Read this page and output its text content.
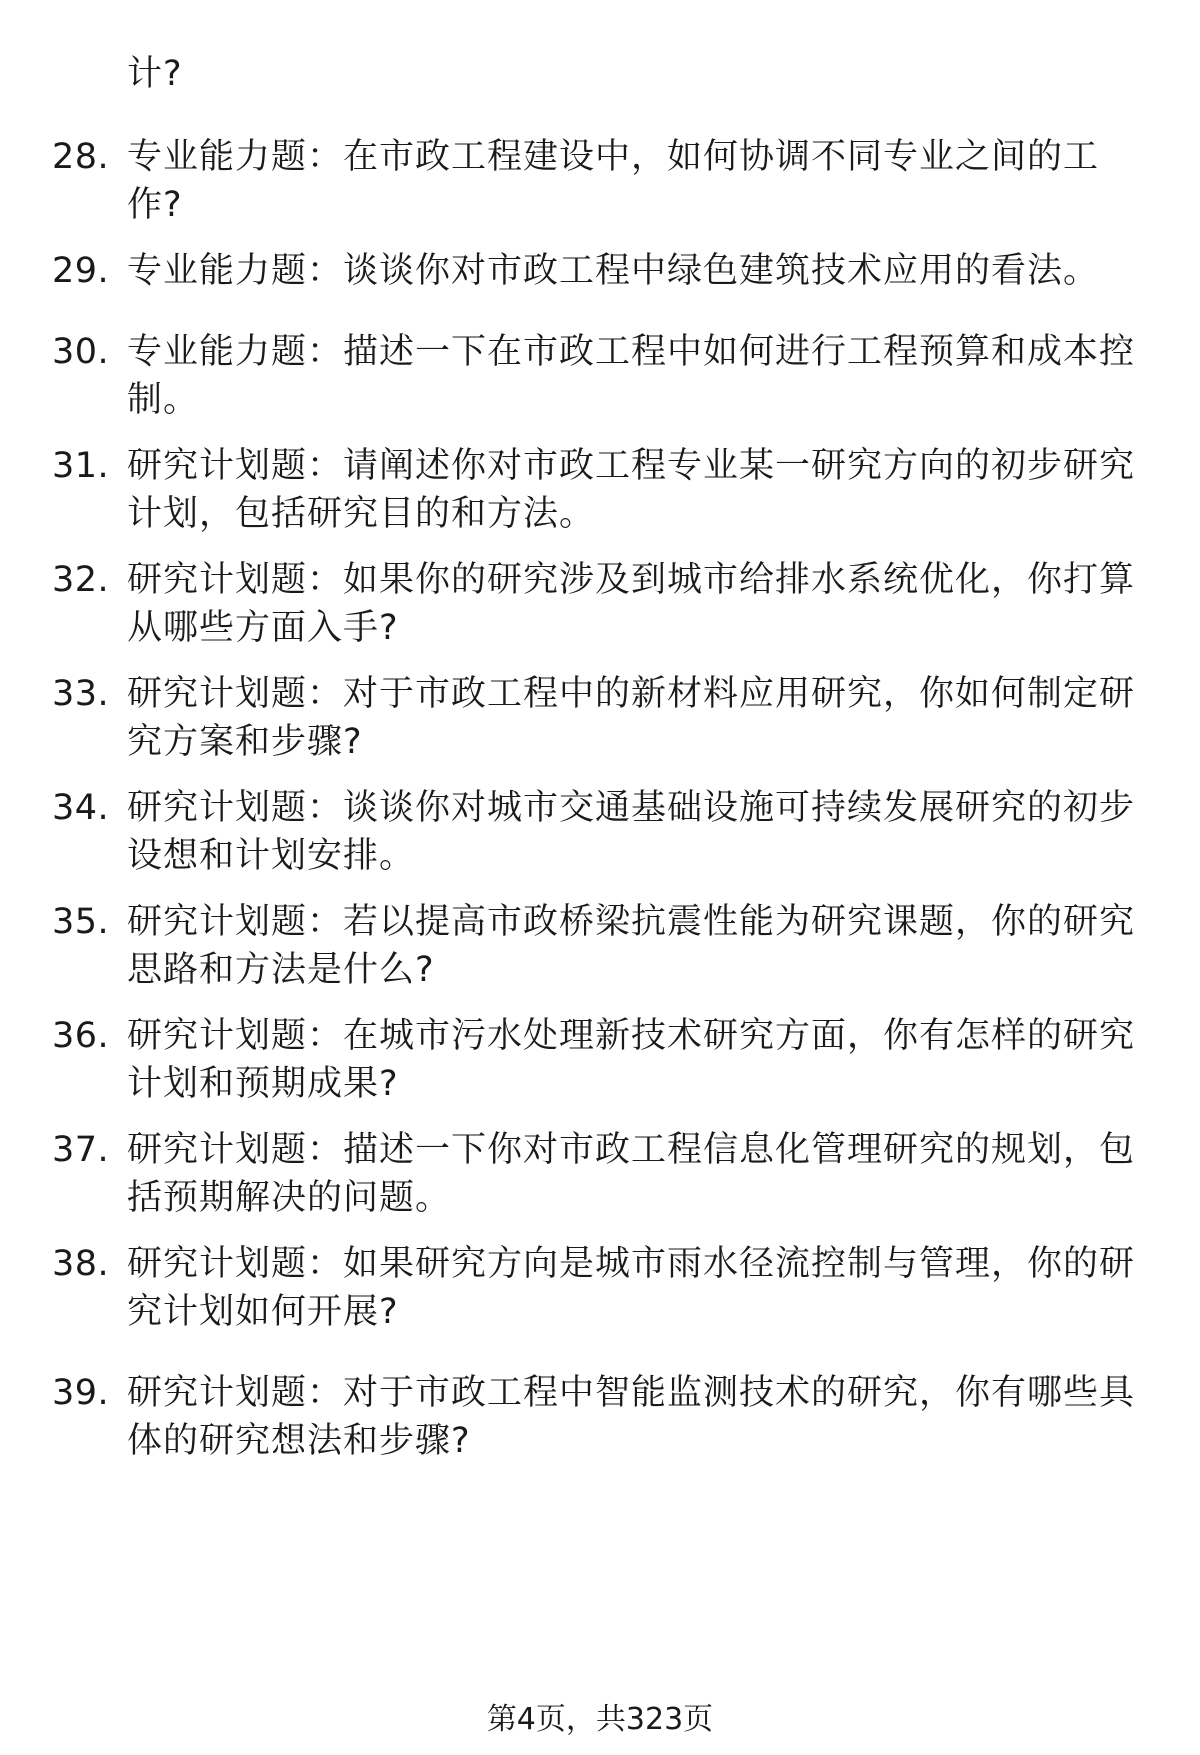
计?
28. 专业能力题：在市政工程建设中，如何协调不同专业之间的工
作?
29. 专业能力题：谈谈你对市政工程中绿色建筑技术应用的看法。
30. 专业能力题：描述一下在市政工程中如何进行工程预算和成本控
制。
31. 研究计划题：请阐述你对市政工程专业某一研究方向的初步研究
计划，包括研究目的和方法。
32. 研究计划题：如果你的研究涉及到城市给排水系统优化，你打算
从哪些方面入手?
33. 研究计划题：对于市政工程中的新材料应用研究，你如何制定研
究方案和步骤?
34. 研究计划题：谈谈你对城市交通基础设施可持续发展研究的初步
设想和计划安排。
35. 研究计划题：若以提高市政桥梁抗震性能为研究课题，你的研究
思路和方法是什么?
36. 研究计划题：在城市污水处理新技术研究方面，你有怎样的研究
计划和预期成果?
37. 研究计划题：描述一下你对市政工程信息化管理研究的规划，包
括预期解决的问题。
38. 研究计划题：如果研究方向是城市雨水径流控制与管理，你的研
究计划如何开展?
39. 研究计划题：对于市政工程中智能监测技术的研究，你有哪些具
体的研究想法和步骤?
第4页，共323页
